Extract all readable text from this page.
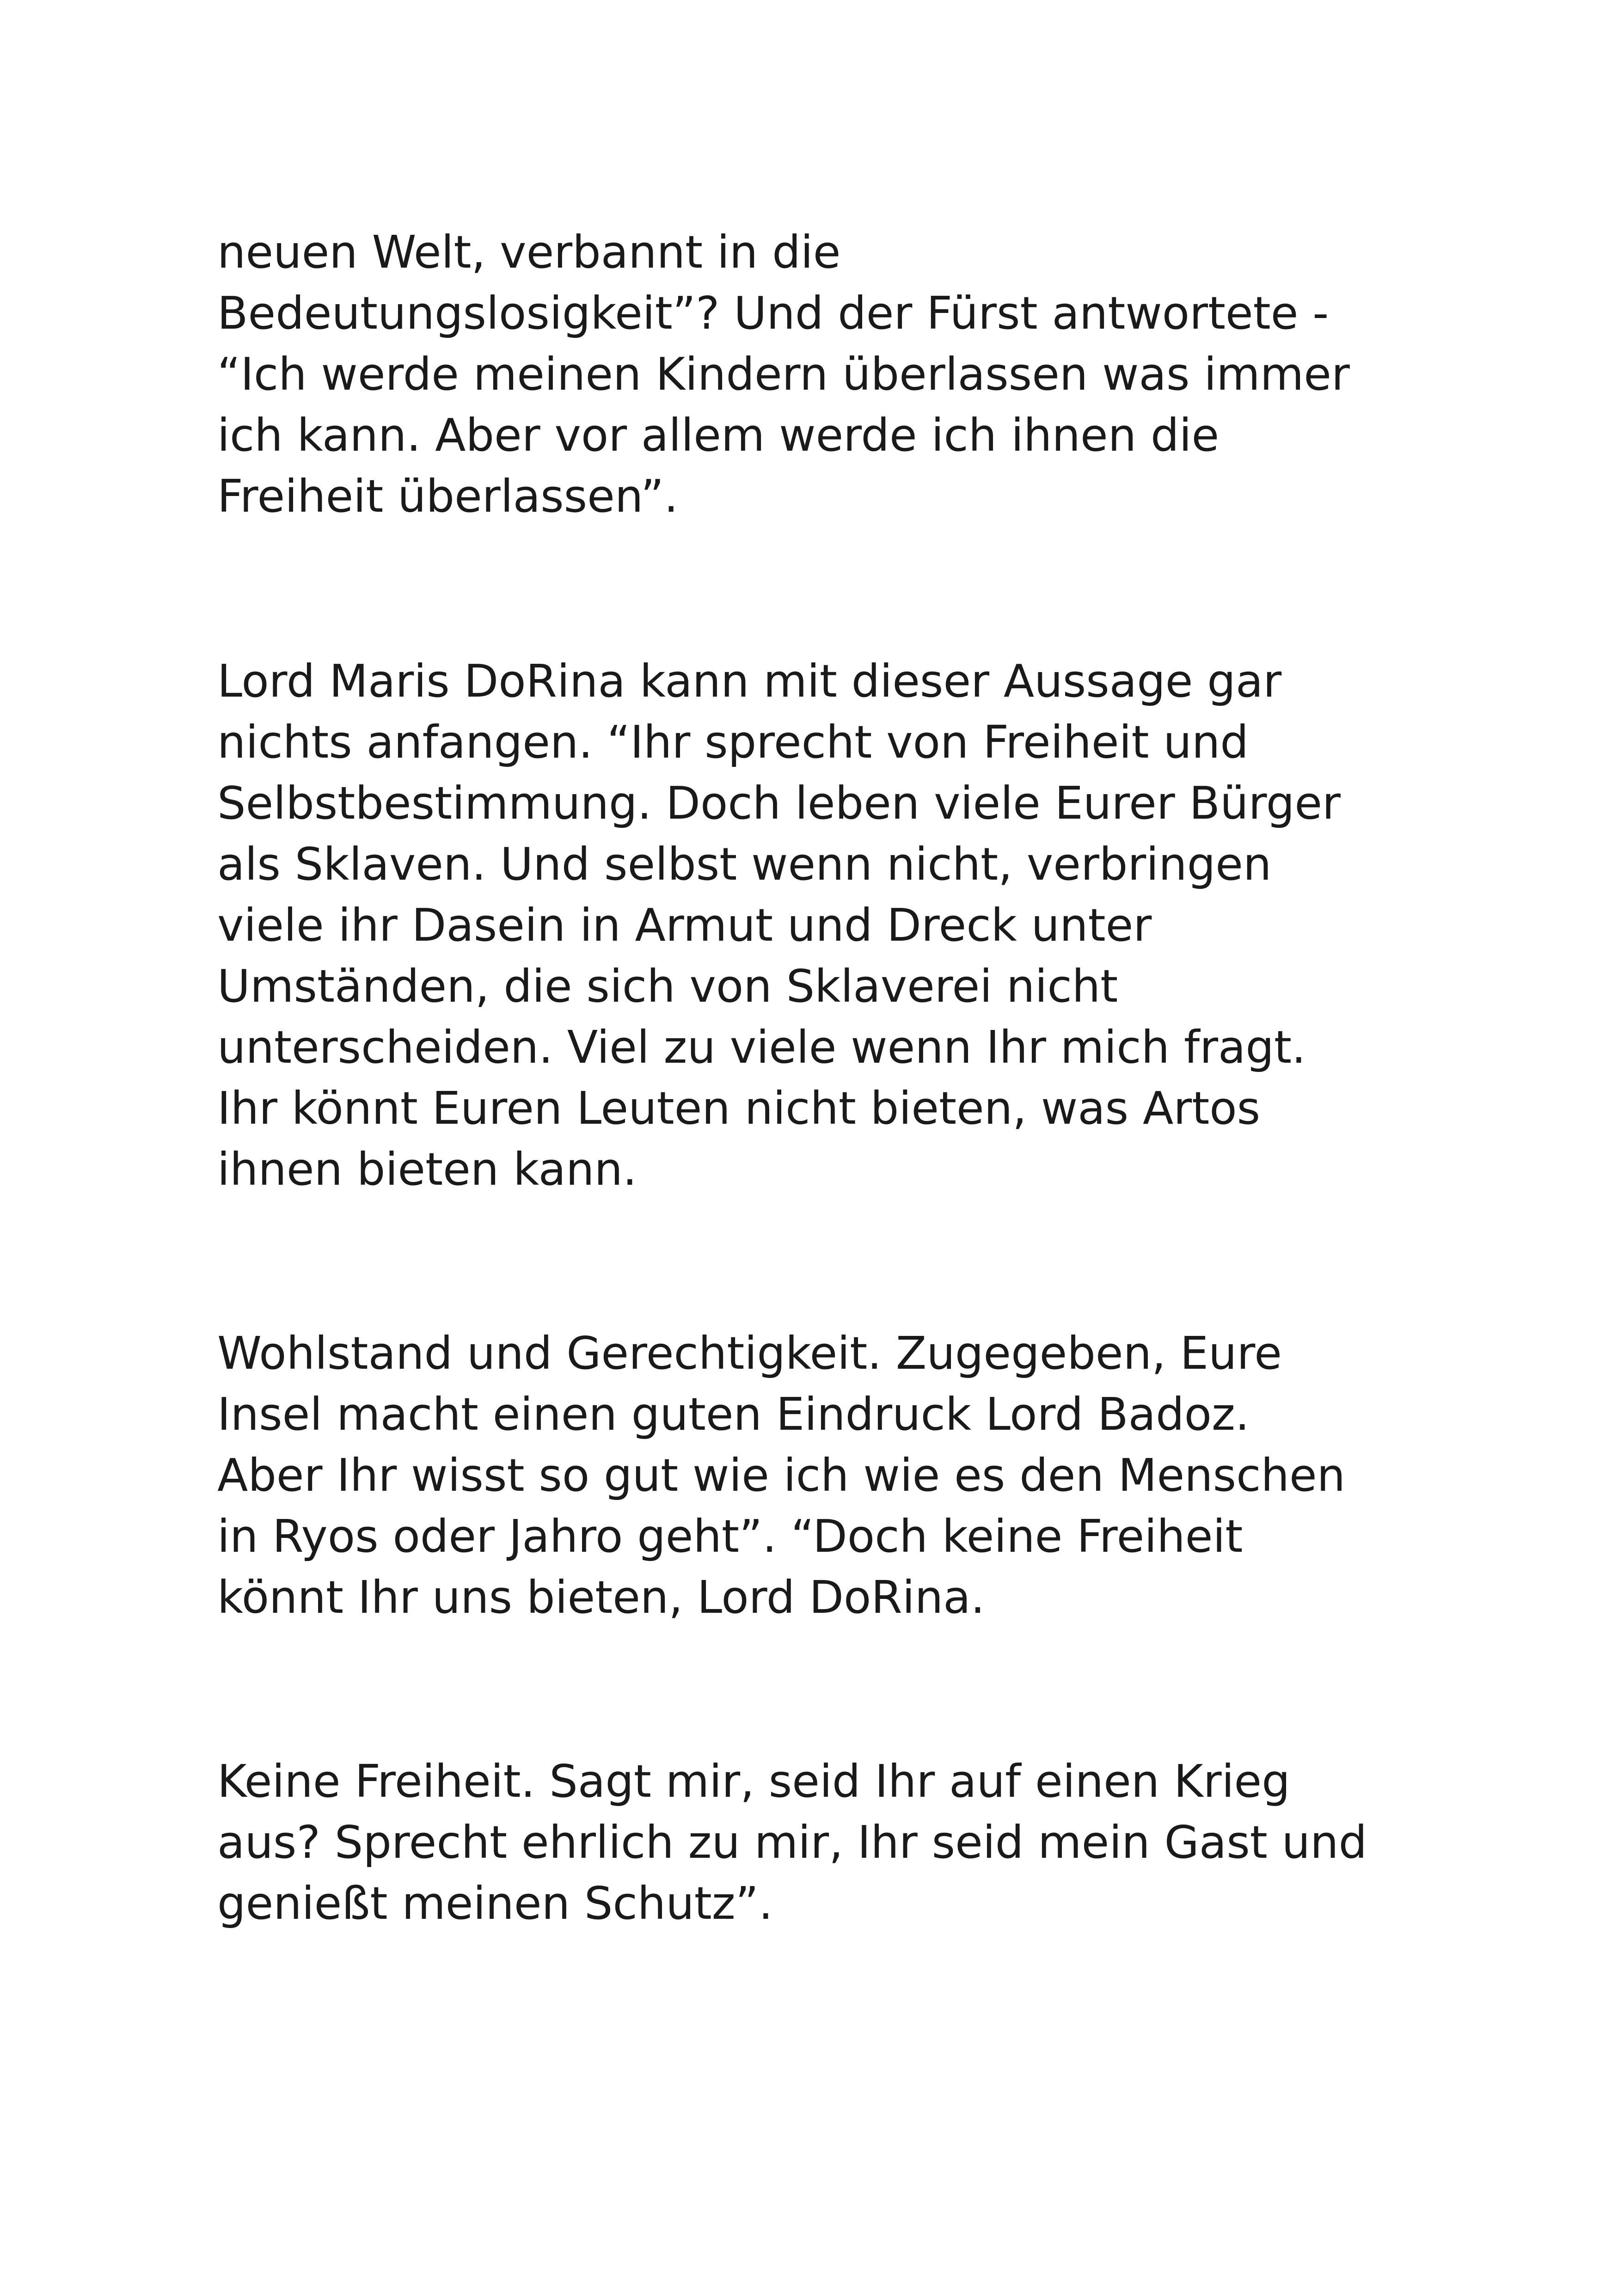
neuen Welt, verbannt in die
Bedeutungslosigkeit”? Und der Fürst antwortete -
“Ich werde meinen Kindern überlassen was immer
ich kann. Aber vor allem werde ich ihnen die
Freiheit überlassen”.

Lord Maris DoRina kann mit dieser Aussage gar
nichts anfangen. “Ihr sprecht von Freiheit und
Selbstbestimmung. Doch leben viele Eurer Bürger
als Sklaven. Und selbst wenn nicht, verbringen
viele ihr Dasein in Armut und Dreck unter
Umständen, die sich von Sklaverei nicht
unterscheiden. Viel zu viele wenn Ihr mich fragt.
Ihr könnt Euren Leuten nicht bieten, was Artos
ihnen bieten kann.

Wohlstand und Gerechtigkeit. Zugegeben, Eure
Insel macht einen guten Eindruck Lord Badoz.
Aber Ihr wisst so gut wie ich wie es den Menschen
in Ryos oder Jahro geht”. “Doch keine Freiheit
könnt Ihr uns bieten, Lord DoRina.

Keine Freiheit. Sagt mir, seid Ihr auf einen Krieg
aus? Sprecht ehrlich zu mir, Ihr seid mein Gast und
genießt meinen Schutz”.
